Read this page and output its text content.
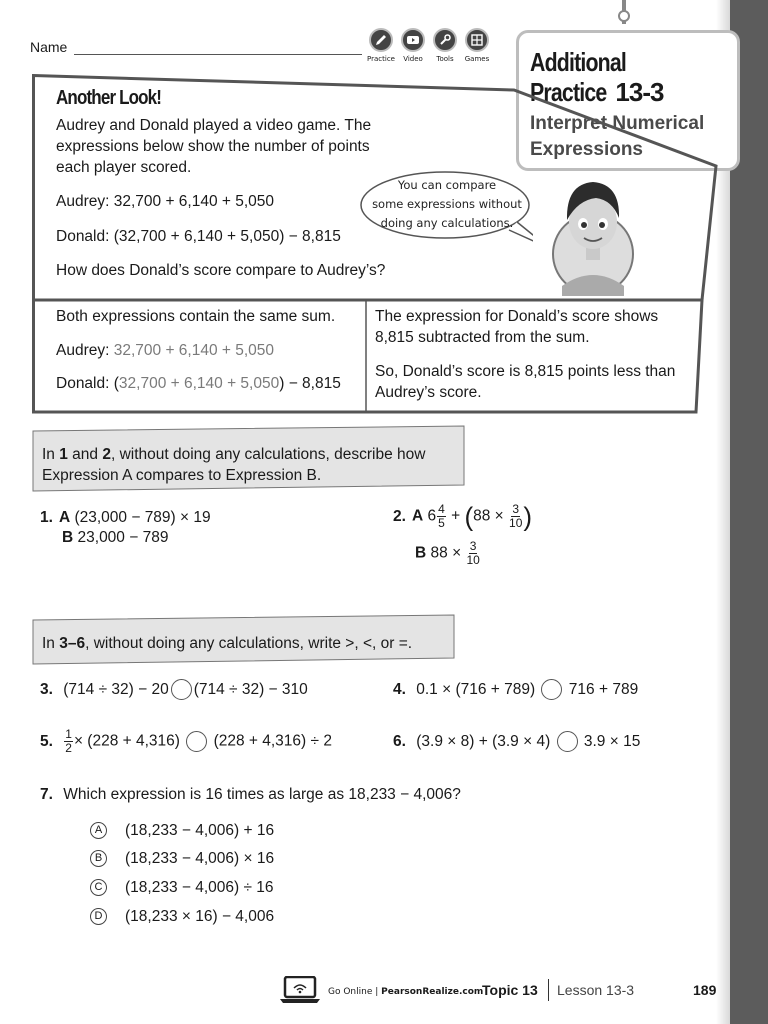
Name
Practice Video Tools Games Additional
Practice 13-3
Interpret Numerical
Expressions
Another Look!
Audrey and Donald played a video game. The expressions below show the number of points each player scored.
Audrey: 32,700 + 6,140 + 5,050
Donald: (32,700 + 6,140 + 5,050) − 8,815
How does Donald’s score compare to Audrey’s?
You can compare
some expressions without
doing any calculations.
Both expressions contain the same sum.
Audrey: 32,700 + 6,140 + 5,050
Donald: (32,700 + 6,140 + 5,050) − 8,815
The expression for Donald’s score shows 8,815 subtracted from the sum.
So, Donald’s score is 8,815 points less than Audrey’s score.
In 1 and 2, without doing any calculations, describe how
Expression A compares to Expression B.
1. A (23,000 − 789) × 19
B 23,000 − 789
2. A $6 \frac{4}{5} + (88 \times \frac{3}{10}$ )
B $88 \times \frac{3}{10}$
In 3–6, without doing any calculations, write >, <, or =.
3. (714 ÷ 32) − 20 (714 ÷ 32) − 310	4. 0.1 × (716 + 789) 716 + 789
5. $\frac{1}{2} \times (228 + 4,316) (228 + 4,316) \div 2$	6. (3.9 × 8) + (3.9 × 4) 3.9 × 15
7. Which expression is 16 times as large as 18,233 − 4,006?
A	(18,233 − 4,006) + 16
B	(18,233 − 4,006) × 16
C (18,233 − 4,006) ÷ 16
D (18,233 × 16) − 4,006
Go Online | PearsonRealize.com
Topic 13 Lesson 13-3	189
